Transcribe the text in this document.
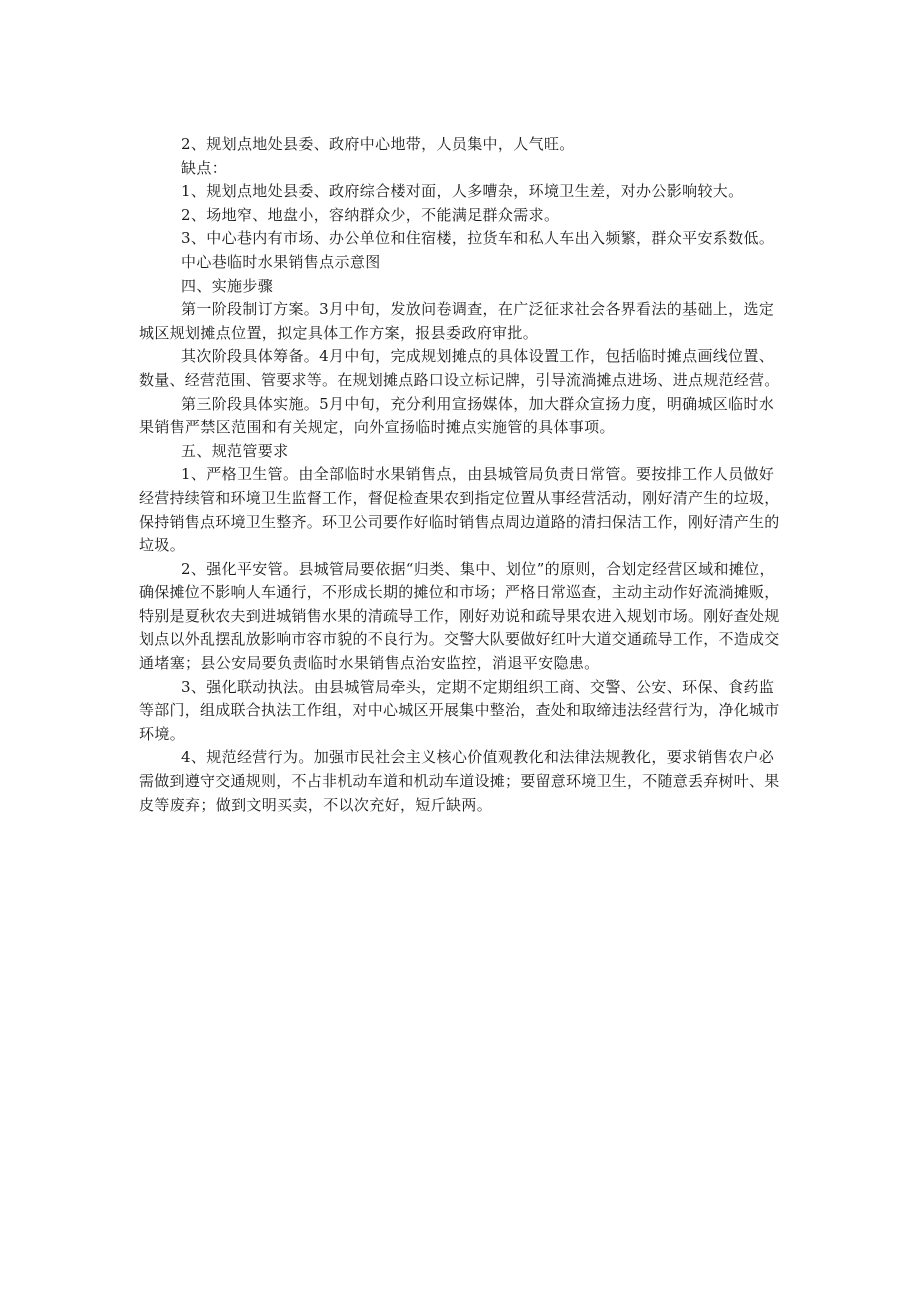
2、规划点地处县委、政府中心地带，人员集中，人气旺。

缺点：

1、规划点地处县委、政府综合楼对面，人多嘈杂，环境卫生差，对办公影响较大。

2、场地窄、地盘小，容纳群众少，不能满足群众需求。

3、中心巷内有市场、办公单位和住宿楼，拉货车和私人车出入频繁，群众平安系数低。

中心巷临时水果销售点示意图

四、实施步骤

第一阶段制订方案。3月中旬，发放问卷调查，在广泛征求社会各界看法的基础上，选定

城区规划摊点位置，拟定具体工作方案，报县委政府审批。

其次阶段具体筹备。4月中旬，完成规划摊点的具体设置工作，包括临时摊点画线位置、

数量、经营范围、管要求等。在规划摊点路口设立标记牌，引导流淌摊点进场、进点规范经营。

第三阶段具体实施。5月中旬，充分利用宣扬媒体，加大群众宣扬力度，明确城区临时水

果销售严禁区范围和有关规定，向外宣扬临时摊点实施管的具体事项。

五、规范管要求

1、严格卫生管。由全部临时水果销售点，由县城管局负责日常管。要按排工作人员做好

经营持续管和环境卫生监督工作，督促检查果农到指定位置从事经营活动，刚好清产生的垃圾，

保持销售点环境卫生整齐。环卫公司要作好临时销售点周边道路的清扫保洁工作，刚好清产生的

垃圾。

2、强化平安管。县城管局要依据“归类、集中、划位”的原则，合划定经营区域和摊位，

确保摊位不影响人车通行，不形成长期的摊位和市场；严格日常巡查，主动主动作好流淌摊贩，

特别是夏秋农夫到进城销售水果的清疏导工作，刚好劝说和疏导果农进入规划市场。刚好查处规

划点以外乱摆乱放影响市容市貌的不良行为。交警大队要做好红叶大道交通疏导工作，不造成交

通堵塞；县公安局要负责临时水果销售点治安监控，消退平安隐患。

3、强化联动执法。由县城管局牵头，定期不定期组织工商、交警、公安、环保、食药监

等部门，组成联合执法工作组，对中心城区开展集中整治，查处和取缔违法经营行为，净化城市

环境。

4、规范经营行为。加强市民社会主义核心价值观教化和法律法规教化，要求销售农户必

需做到遵守交通规则，不占非机动车道和机动车道设摊；要留意环境卫生，不随意丢弃树叶、果

皮等废弃；做到文明买卖，不以次充好，短斤缺两。
